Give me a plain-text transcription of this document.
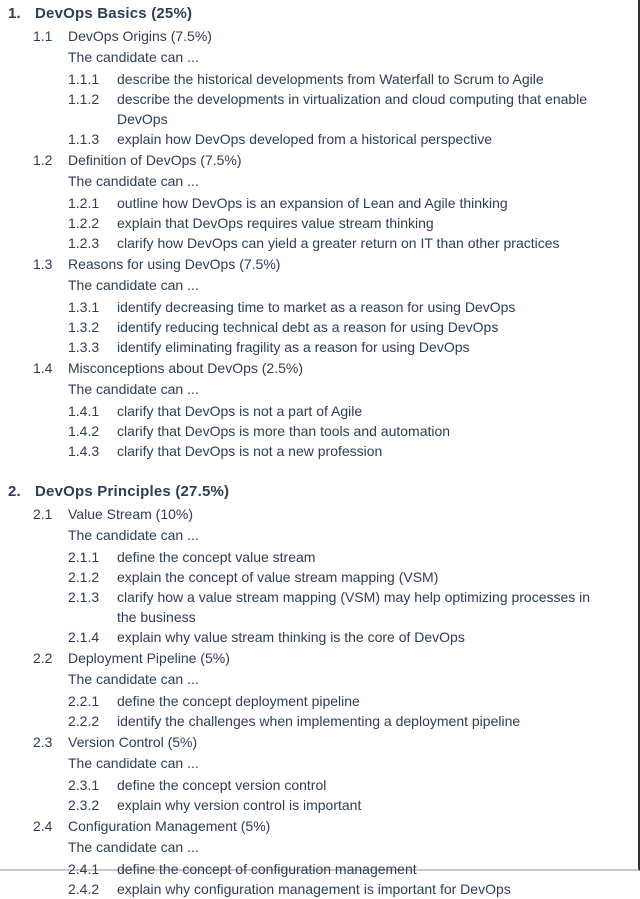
1. DevOps Basics (25%)
1.1	DevOps Origins (7.5%)
The candidate can ...
1.1.1	describe the historical developments from Waterfall to Scrum to Agile
1.1.2	describe the developments in virtualization and cloud computing that enable DevOps
1.1.3	explain how DevOps developed from a historical perspective
1.2	Definition of DevOps (7.5%)
The candidate can ...
1.2.1	outline how DevOps is an expansion of Lean and Agile thinking
1.2.2	explain that DevOps requires value stream thinking
1.2.3	clarify how DevOps can yield a greater return on IT than other practices
1.3	Reasons for using DevOps (7.5%)
The candidate can ...
1.3.1	identify decreasing time to market as a reason for using DevOps
1.3.2	identify reducing technical debt as a reason for using DevOps
1.3.3	identify eliminating fragility as a reason for using DevOps
1.4	Misconceptions about DevOps (2.5%)
The candidate can ...
1.4.1	clarify that DevOps is not a part of Agile
1.4.2	clarify that DevOps is more than tools and automation
1.4.3	clarify that DevOps is not a new profession
2. DevOps Principles (27.5%)
2.1	Value Stream (10%)
The candidate can ...
2.1.1	define the concept value stream
2.1.2	explain the concept of value stream mapping (VSM)
2.1.3	clarify how a value stream mapping (VSM) may help optimizing processes in the business
2.1.4	explain why value stream thinking is the core of DevOps
2.2	Deployment Pipeline (5%)
The candidate can ...
2.2.1	define the concept deployment pipeline
2.2.2	identify the challenges when implementing a deployment pipeline
2.3	Version Control (5%)
The candidate can ...
2.3.1	define the concept version control
2.3.2	explain why version control is important
2.4	Configuration Management (5%)
The candidate can ...
2.4.1	define the concept of configuration management
2.4.2	explain why configuration management is important for DevOps
